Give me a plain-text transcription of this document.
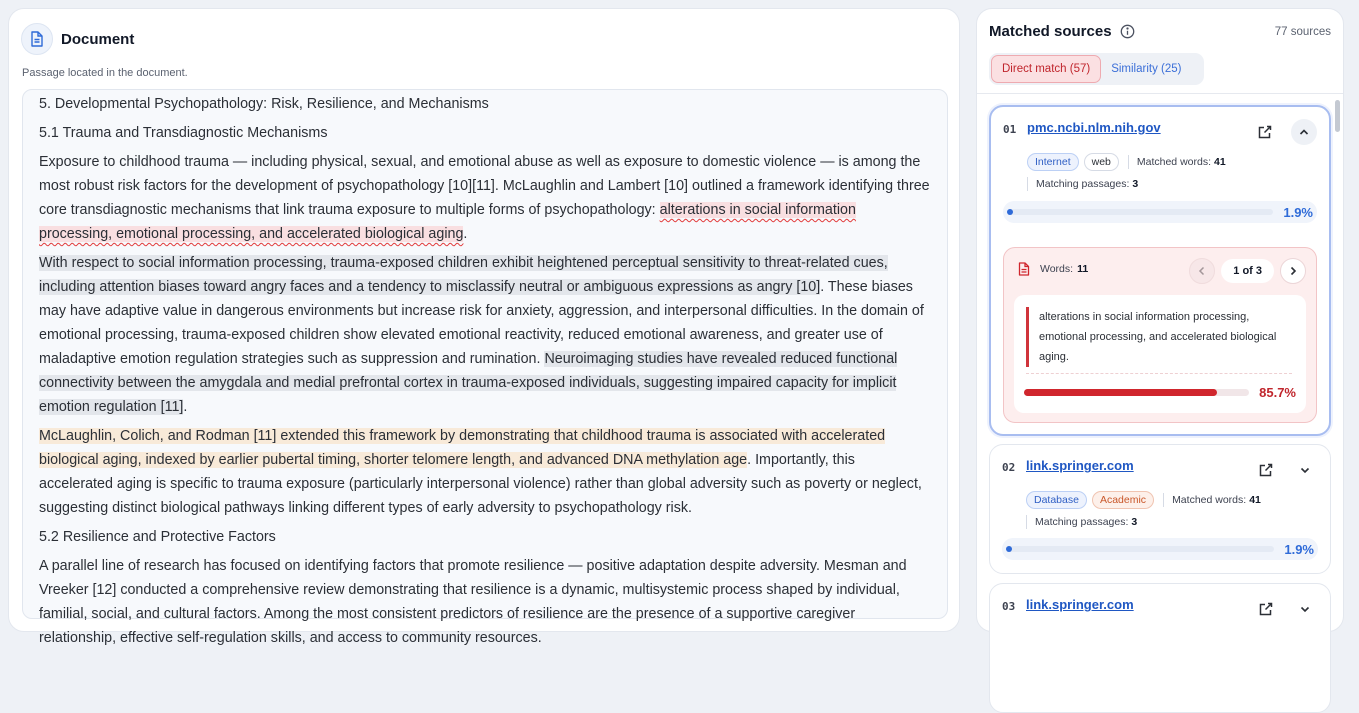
Document
Passage located in the document.
5. Developmental Psychopathology: Risk, Resilience, and Mechanisms
5.1 Trauma and Transdiagnostic Mechanisms

Exposure to childhood trauma — including physical, sexual, and emotional abuse as well as exposure to domestic violence — is among the most robust risk factors for the development of psychopathology [10][11]. McLaughlin and Lambert [10] outlined a framework identifying three core transdiagnostic mechanisms that link trauma exposure to multiple forms of psychopathology: alterations in social information processing, emotional processing, and accelerated biological aging.

With respect to social information processing, trauma-exposed children exhibit heightened perceptual sensitivity to threat-related cues, including attention biases toward angry faces and a tendency to misclassify neutral or ambiguous expressions as angry [10]. These biases may have adaptive value in dangerous environments but increase risk for anxiety, aggression, and interpersonal difficulties. In the domain of emotional processing, trauma-exposed children show elevated emotional reactivity, reduced emotional awareness, and greater use of maladaptive emotion regulation strategies such as suppression and rumination. Neuroimaging studies have revealed reduced functional connectivity between the amygdala and medial prefrontal cortex in trauma-exposed individuals, suggesting impaired capacity for implicit emotion regulation [11].

McLaughlin, Colich, and Rodman [11] extended this framework by demonstrating that childhood trauma is associated with accelerated biological aging, indexed by earlier pubertal timing, shorter telomere length, and advanced DNA methylation age. Importantly, this accelerated aging is specific to trauma exposure (particularly interpersonal violence) rather than global adversity such as poverty or neglect, suggesting distinct biological pathways linking different types of early adversity to psychopathology risk.

5.2 Resilience and Protective Factors

A parallel line of research has focused on identifying factors that promote resilience — positive adaptation despite adversity. Mesman and Vreeker [12] conducted a comprehensive review demonstrating that resilience is a dynamic, multisystemic process shaped by individual, familial, social, and cultural factors. Among the most consistent predictors of resilience are the presence of a supportive caregiver relationship, effective self-regulation skills, and access to community resources.

Matched sources	77 sources
Direct match (57)	Similarity (25)
01 pmc.ncbi.nlm.nih.gov
Internet	web	Matched words: 41
Matching passages: 3
1.9%
Words: 11	1 of 3
alterations in social information processing, emotional processing, and accelerated biological aging.
85.7%
02 link.springer.com
Database	Academic	Matched words: 41
Matching passages: 3
1.9%
03 link.springer.com
